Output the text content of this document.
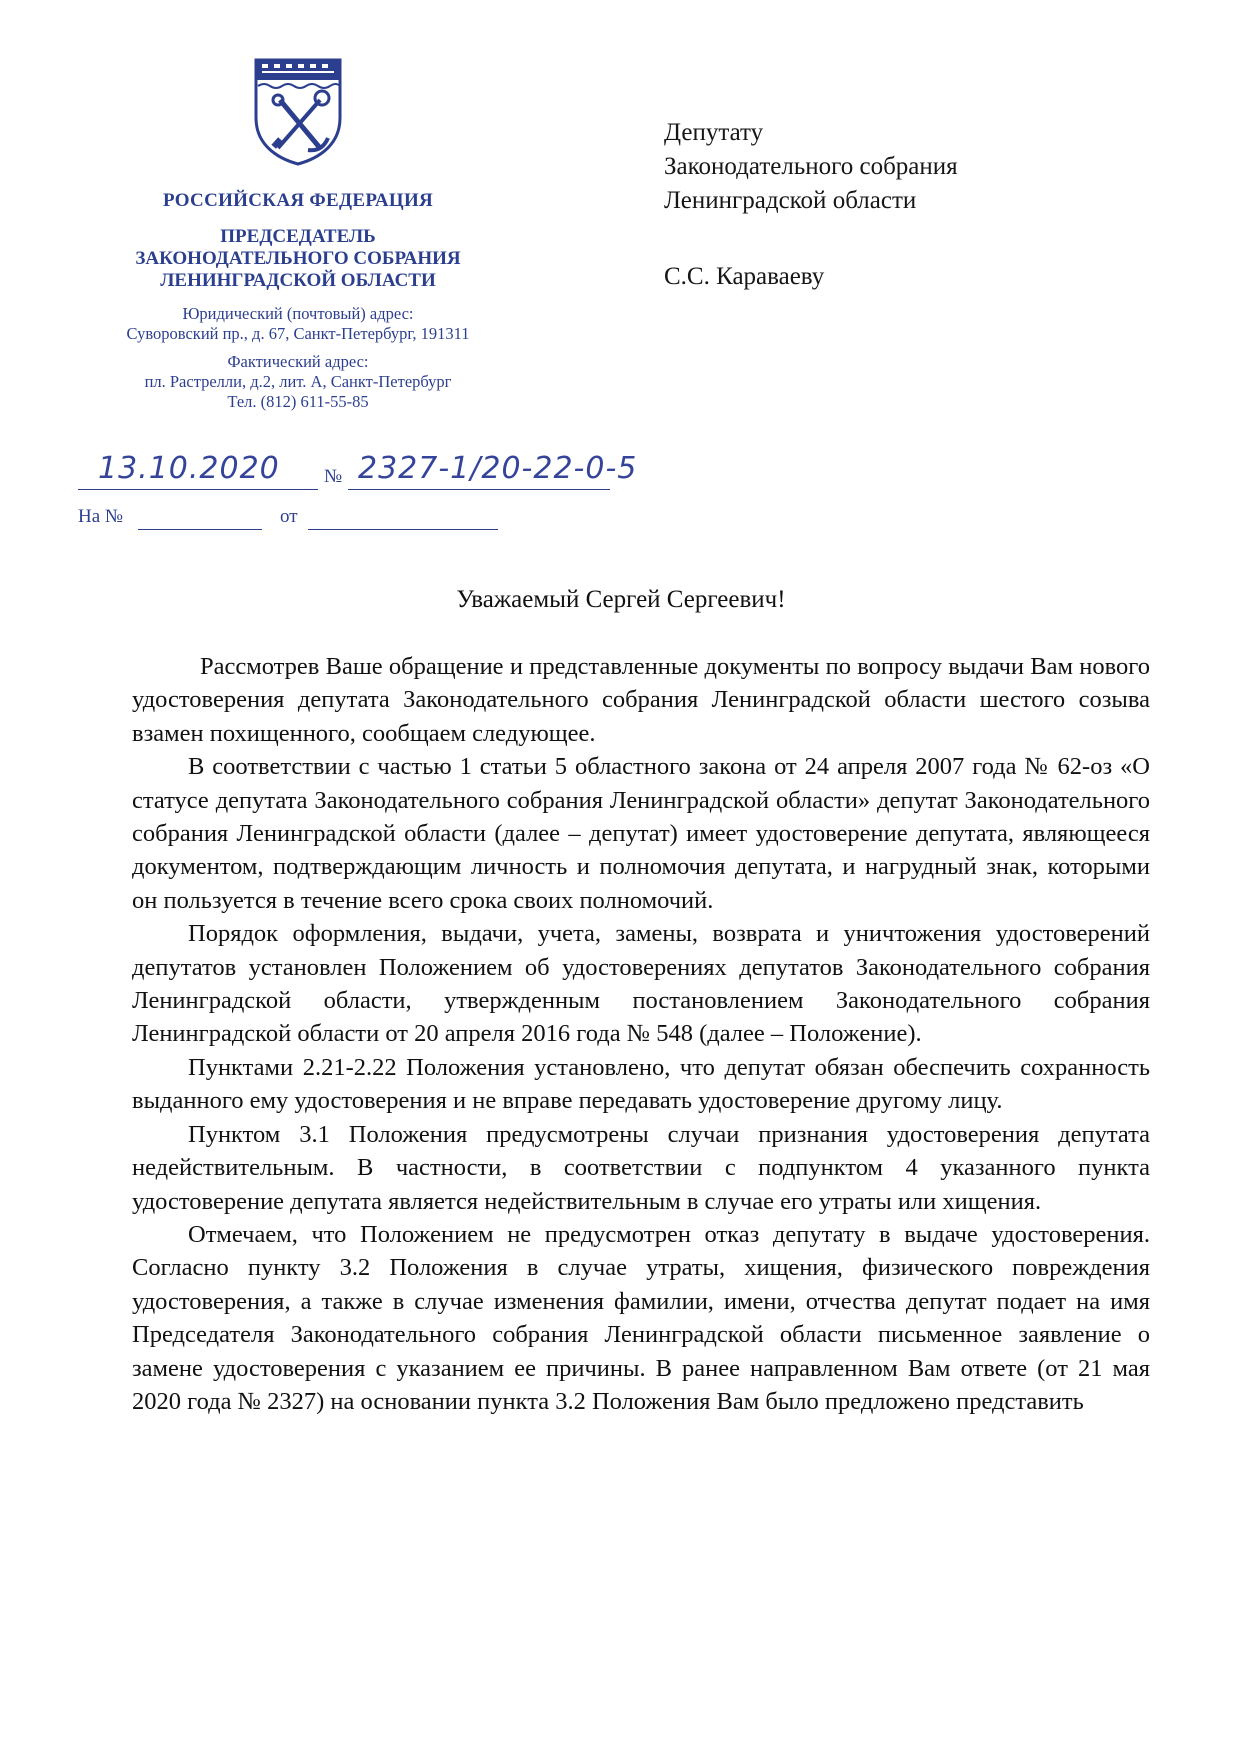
РОССИЙСКАЯ ФЕДЕРАЦИЯ
ПРЕДСЕДАТЕЛЬ
ЗАКОНОДАТЕЛЬНОГО СОБРАНИЯ
ЛЕНИНГРАДСКОЙ ОБЛАСТИ
Юридический (почтовый) адрес:
Суворовский пр., д. 67, Санкт-Петербург, 191311
Фактический адрес:
пл. Растрелли, д.2, лит. А, Санкт-Петербург
Тел. (812) 611-55-85
13.10.2020 № 2327-1/20-22-0-5
На №	от
Депутату
Законодательного собрания
Ленинградской области
С.С. Караваеву
Уважаемый Сергей Сергеевич!

Рассмотрев Ваше обращение и представленные документы по вопросу выдачи Вам нового удостоверения депутата Законодательного собрания Ленинградской области шестого созыва взамен похищенного, сообщаем следующее.

В соответствии с частью 1 статьи 5 областного закона от 24 апреля 2007 года № 62-оз «О статусе депутата Законодательного собрания Ленинградской области» депутат Законодательного собрания Ленинградской области (далее – депутат) имеет удостоверение депутата, являющееся документом, подтверждающим личность и полномочия депутата, и нагрудный знак, которыми он пользуется в течение всего срока своих полномочий.

Порядок оформления, выдачи, учета, замены, возврата и уничтожения удостоверений депутатов установлен Положением об удостоверениях депутатов Законодательного собрания Ленинградской области, утвержденным постановлением Законодательного собрания Ленинградской области от 20 апреля 2016 года № 548 (далее – Положение).

Пунктами 2.21-2.22 Положения установлено, что депутат обязан обеспечить сохранность выданного ему удостоверения и не вправе передавать удостоверение другому лицу.

Пунктом 3.1 Положения предусмотрены случаи признания удостоверения депутата недействительным. В частности, в соответствии с подпунктом 4 указанного пункта удостоверение депутата является недействительным в случае его утраты или хищения.

Отмечаем, что Положением не предусмотрен отказ депутату в выдаче удостоверения. Согласно пункту 3.2 Положения в случае утраты, хищения, физического повреждения удостоверения, а также в случае изменения фамилии, имени, отчества депутат подает на имя Председателя Законодательного собрания Ленинградской области письменное заявление о замене удостоверения с указанием ее причины. В ранее направленном Вам ответе (от 21 мая 2020 года № 2327) на основании пункта 3.2 Положения Вам было предложено представить
